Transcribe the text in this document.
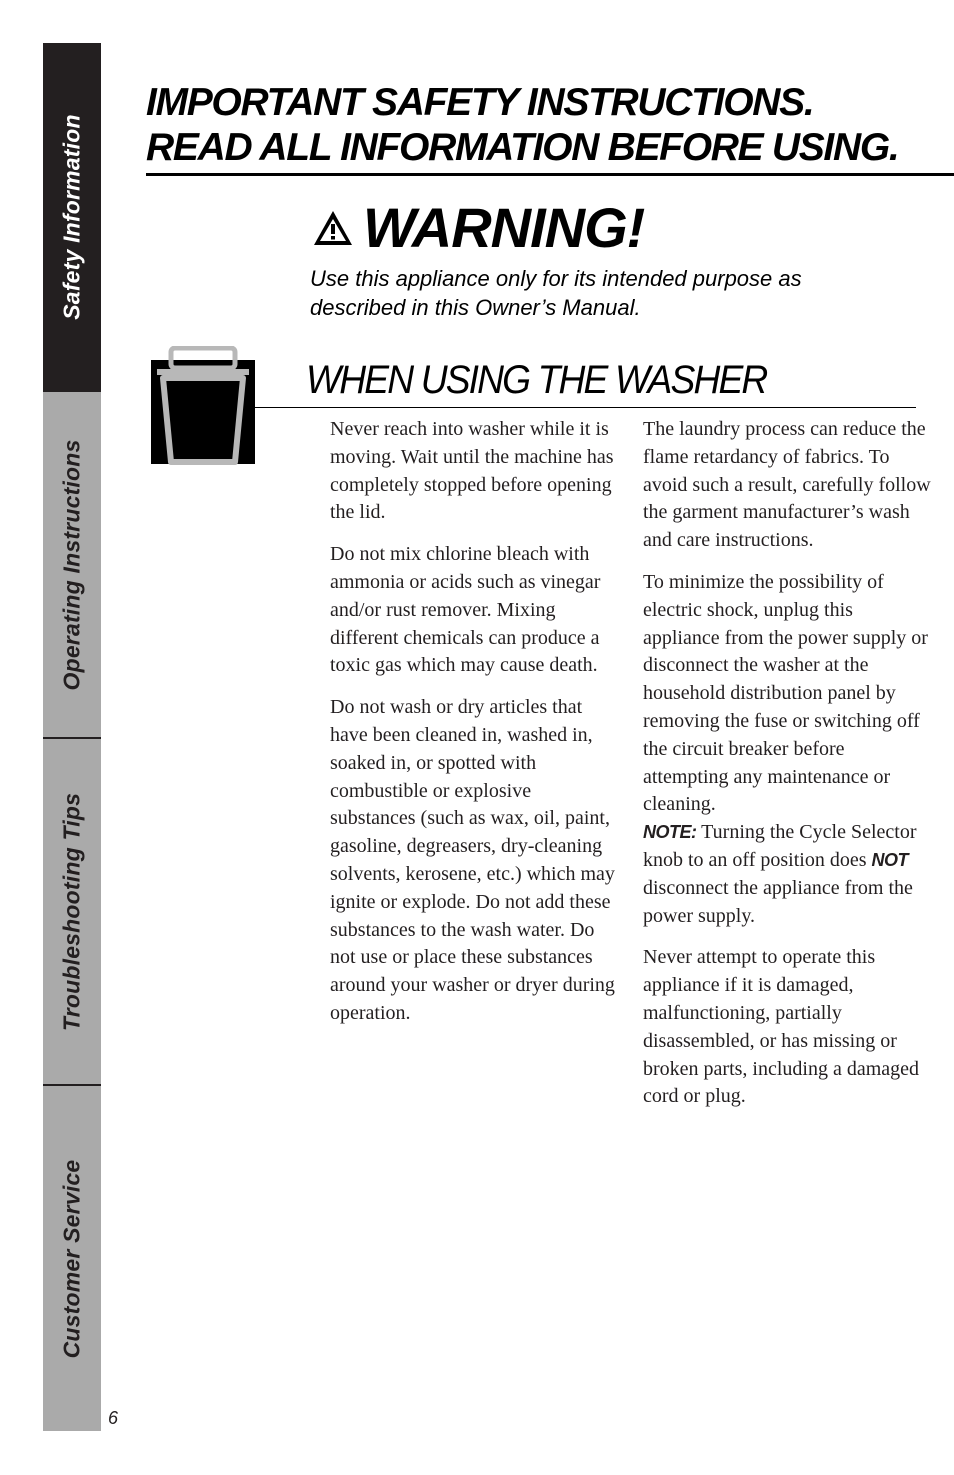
Safety Information
Operating Instructions
Troubleshooting Tips
Customer Service
6
IMPORTANT SAFETY INSTRUCTIONS.
READ ALL INFORMATION BEFORE USING.
WARNING!
Use this appliance only for its intended purpose as described in this Owner’s Manual.
WHEN USING THE WASHER

Never reach into washer while it is moving. Wait until the machine has completely stopped before opening
the lid.

Do not mix chlorine bleach with ammonia or acids such as vinegar and/or rust remover. Mixing different chemicals can produce a toxic gas which may cause death.

Do not wash or dry articles that have been cleaned in, washed in, soaked in, or spotted with combustible or explosive substances (such as wax, oil, paint, gasoline, degreasers, dry-cleaning solvents, kerosene, etc.) which may ignite or explode. Do not add these substances to the wash water. Do not use or place these substances around your washer or dryer during operation.

The laundry process can reduce the flame retardancy of fabrics. To avoid such a result, carefully follow the garment manufacturer’s wash and care instructions.

To minimize the possibility of electric shock, unplug this appliance from the power supply or disconnect the washer at the household distribution panel by removing the fuse or switching off the circuit breaker before attempting any maintenance or cleaning.
NOTE: Turning the Cycle Selector knob to an off position does NOT disconnect the appliance from the power supply.

Never attempt to operate this appliance if it is damaged, malfunctioning, partially disassembled, or has missing or broken parts, including a damaged cord or plug.
